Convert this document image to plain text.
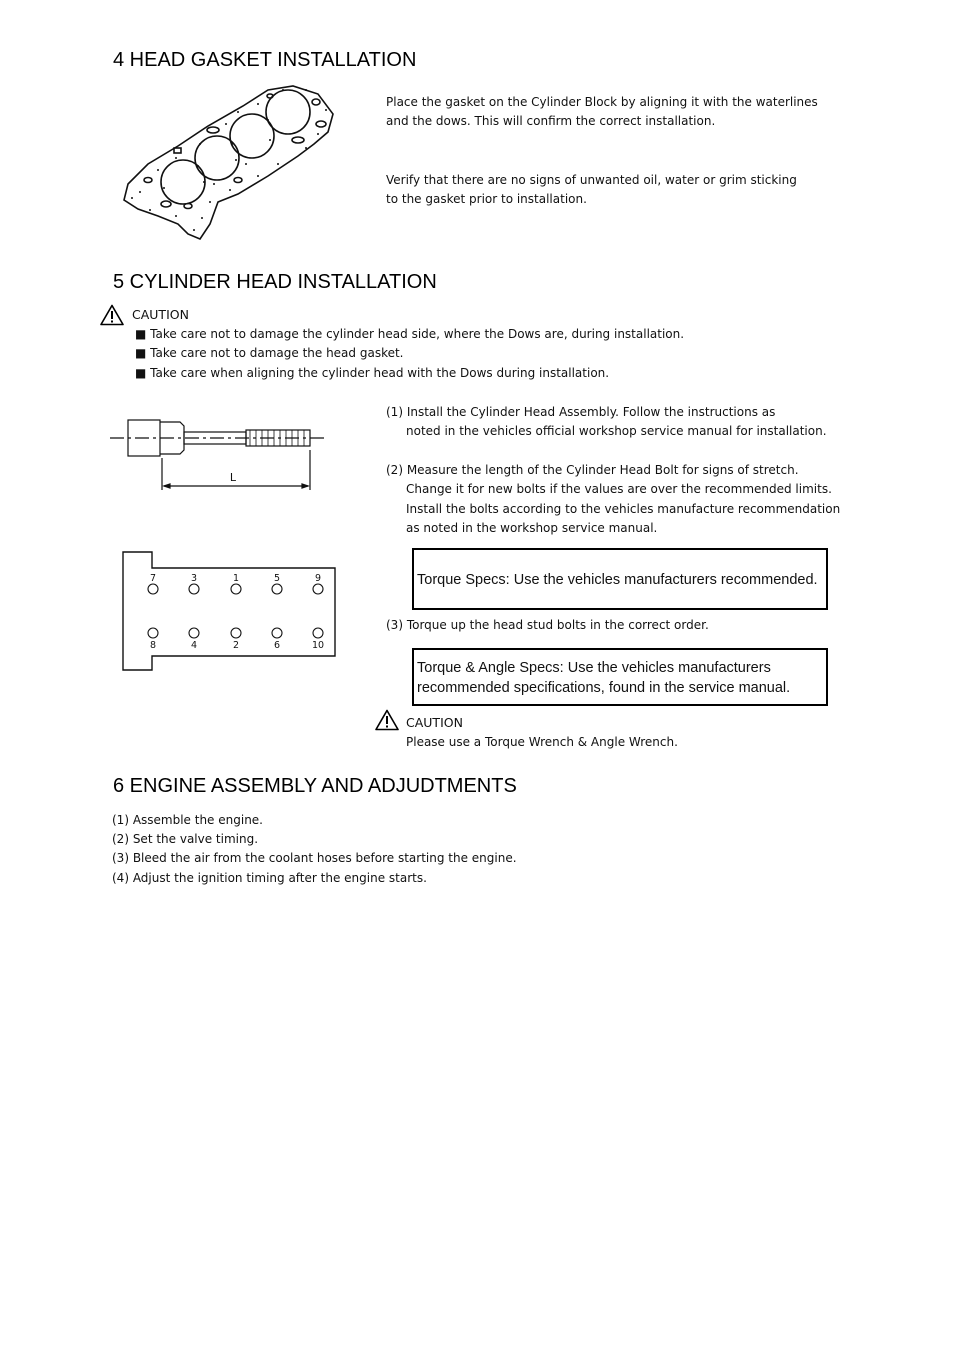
4 HEAD GASKET INSTALLATION
Place the gasket on the Cylinder Block by aligning it with the waterlines
and the dows. This will confirm the correct installation.
Verify that there are no signs of unwanted oil, water or grim sticking
to the gasket prior to installation.
5 CYLINDER HEAD INSTALLATION
CAUTION
■ Take care not to damage the cylinder head side, where the Dows are, during installation.
■ Take care not to damage the head gasket.
■ Take care when aligning the cylinder head with the Dows during installation.
L
(1) Install the Cylinder Head Assembly. Follow the instructions as
noted in the vehicles official workshop service manual for installation.
(2) Measure the length of the Cylinder Head Bolt for signs of stretch.
Change it for new bolts if the values are over the recommended limits.
Install the bolts according to the vehicles manufacture recommendation
as noted in the workshop service manual.
7	3	1	5	9
8	4	2	6	10
Torque Specs: Use the vehicles manufacturers recommended.
(3) Torque up the head stud bolts in the correct order.
Torque & Angle Specs: Use the vehicles manufacturers
recommended specifications, found in the service manual.
CAUTION
Please use a Torque Wrench & Angle Wrench.
6 ENGINE ASSEMBLY AND ADJUDTMENTS
(1) Assemble the engine.
(2) Set the valve timing.
(3) Bleed the air from the coolant hoses before starting the engine.
(4) Adjust the ignition timing after the engine starts.
